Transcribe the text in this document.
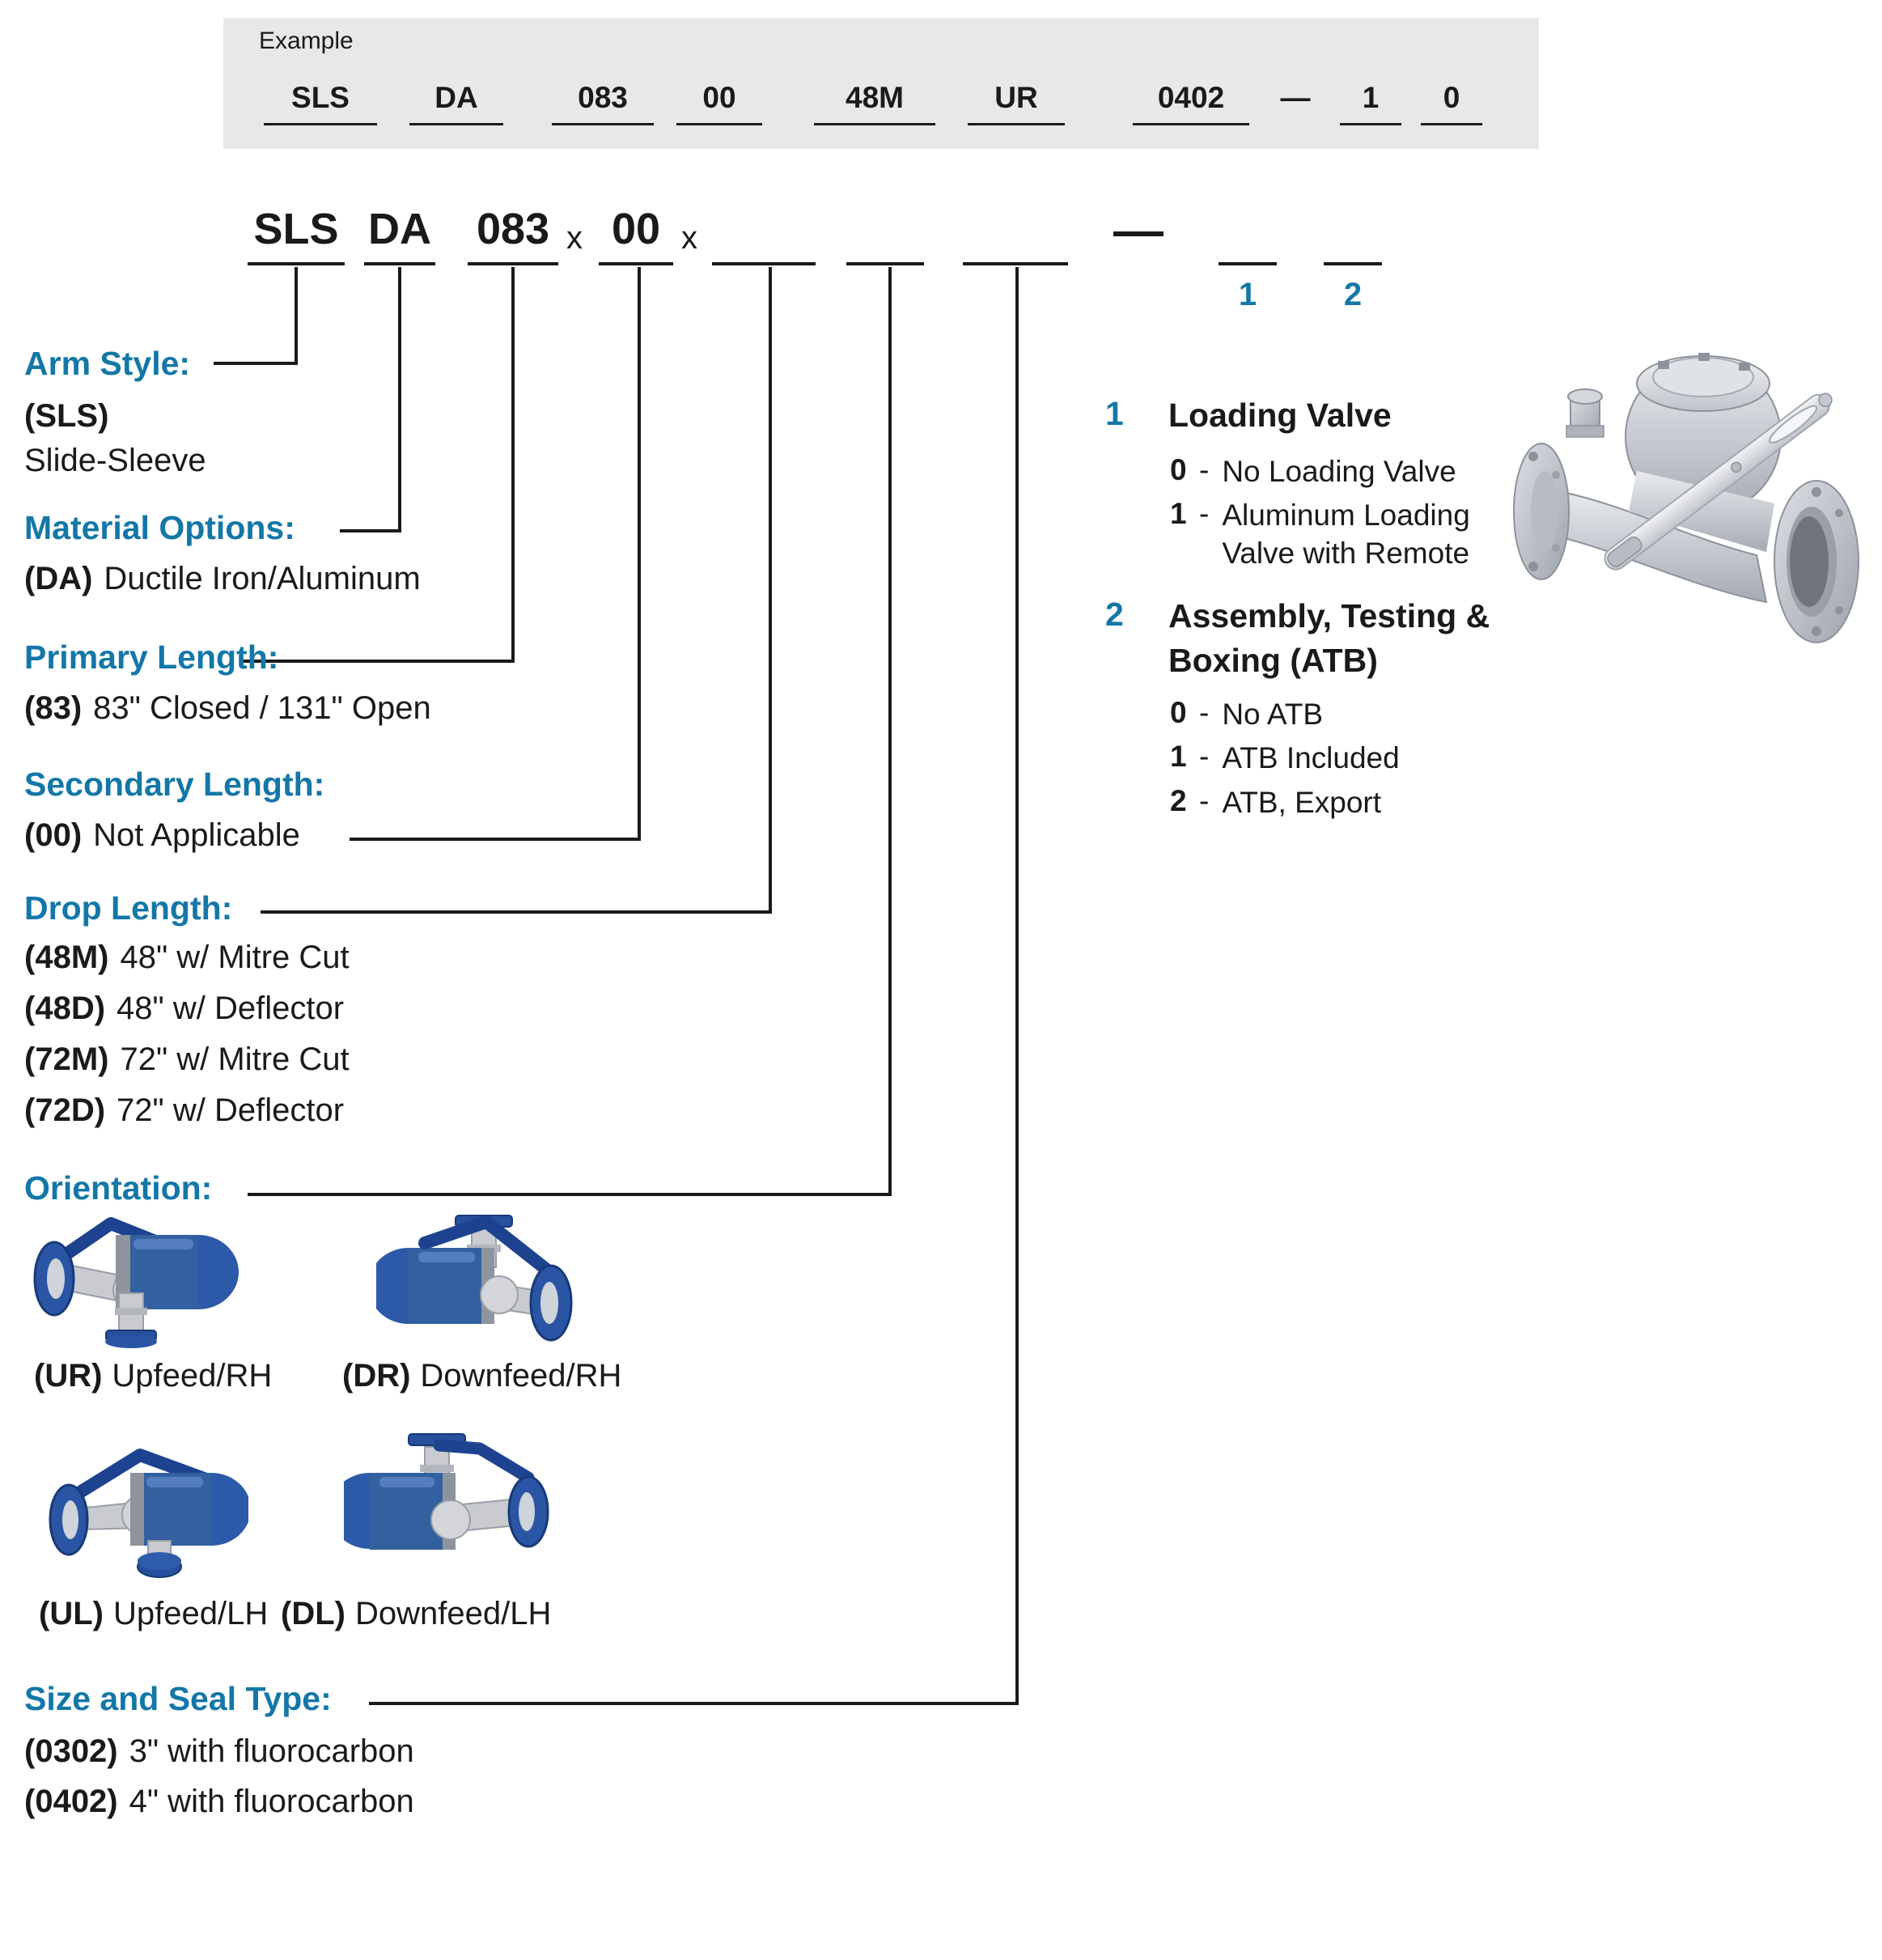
Example
SLS	DA	083	00	48M	UR	0402	—	1	0
SLS DA 083 x 00 x
1	2
Arm Style:
(SLS)
Slide-Sleeve
Material Options:
(DA) Ductile Iron/Aluminum
Primary Length:
(83) 83" Closed / 131" Open
Secondary Length:
(00) Not Applicable
Drop Length:
(48M) 48" w/ Mitre Cut
(48D) 48" w/ Deflector
(72M) 72" w/ Mitre Cut
(72D) 72" w/ Deflector
Orientation:
(UR) Upfeed/RH (DR) Downfeed/RH
(UL) Upfeed/LH (DL) Downfeed/LH
Size and Seal Type:
(0302) 3" with fluorocarbon
(0402) 4" with fluorocarbon
1 Loading Valve
0 - No Loading Valve
1 - Aluminum Loading Valve with Remote
2 Assembly, Testing & Boxing (ATB)
0 - No ATB
1 - ATB Included
2 - ATB, Export
